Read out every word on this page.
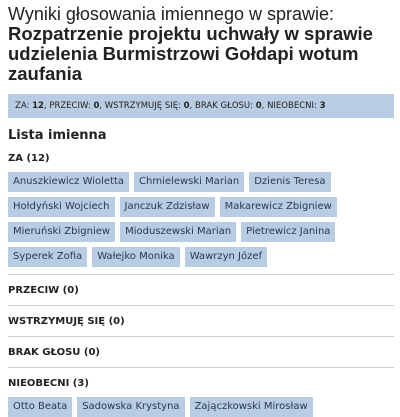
Wyniki głosowania imiennego w sprawie:
Rozpatrzenie projektu uchwały w sprawie udzielenia Burmistrzowi Gołdapi wotum zaufania
ZA: 12, PRZECIW: 0, WSTRZYMUJĘ SIĘ: 0, BRAK GŁOSU: 0, NIEOBECNI: 3
Lista imienna
ZA (12)
Anuszkiewicz Wioletta	Chmielewski Marian	Dzienis Teresa
Hołdyński Wojciech	Janczuk Zdzisław	Makarewicz Zbigniew
Mieruński Zbigniew	Mioduszewski Marian	Pietrewicz Janina
Syperek Zofia	Wałejko Monika	Wawrzyn Józef
PRZECIW (0)
WSTRZYMUJĘ SIĘ (0)
BRAK GŁOSU (0)
NIEOBECNI (3)
Otto Beata	Sadowska Krystyna	Zajączkowski Mirosław
